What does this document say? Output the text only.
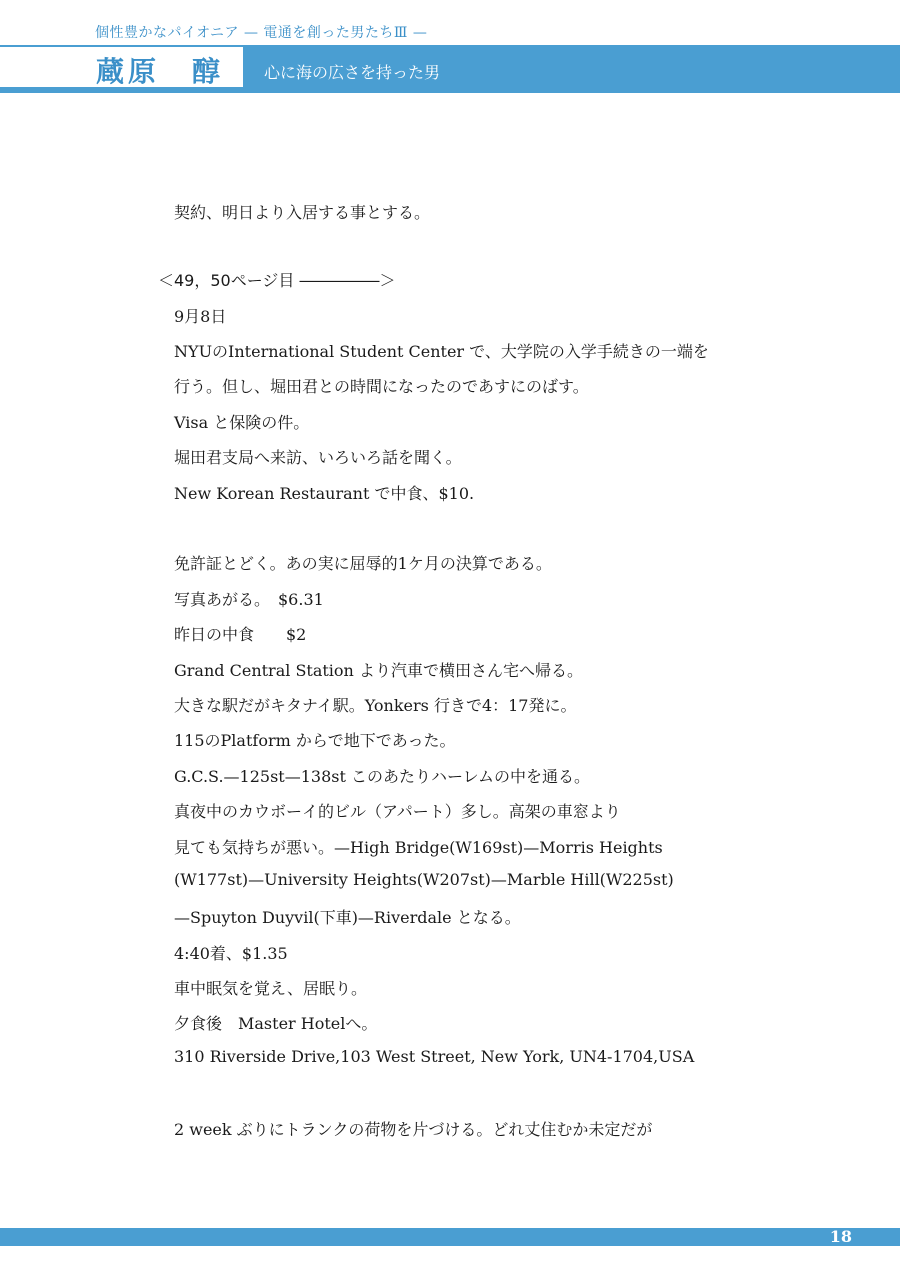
個性豊かなパイオニア — 電通を創った男たちⅢ —
蔵原　醇 心に海の広さを持った男
契約、明日より入居する事とする。
＜49，50ページ目 ―――――＞
9月8日
NYUのInternational Student Center で、大学院の入学手続きの一端を
行う。但し、堀田君との時間になったのであすにのばす。
Visa と保険の件。
堀田君支局へ来訪、いろいろ話を聞く。
New Korean Restaurant で中食、$10.
免許証とどく。あの実に屈辱的1ケ月の決算である。
写真あがる。　$6.31
昨日の中食　　$2
Grand Central Station より汽車で横田さん宅へ帰る。
大きな駅だがキタナイ駅。Yonkers 行きで4：17発に。
115のPlatform からで地下であった。
G.C.S.—125st—138st このあたりハーレムの中を通る。
真夜中のカウボーイ的ビル（アパート）多し。高架の車窓より
見ても気持ちが悪い。—High Bridge(W169st)—Morris Heights
(W177st)—University Heights(W207st)—Marble Hill(W225st)
—Spuyton Duyvil(下車)—Riverdale となる。
4:40着、$1.35
車中眠気を覚え、居眠り。
夕食後　Master Hotelへ。
310 Riverside Drive,103 West Street, New York, UN4-1704,USA
2 week ぶりにトランクの荷物を片づける。どれ丈住むか未定だが
18
